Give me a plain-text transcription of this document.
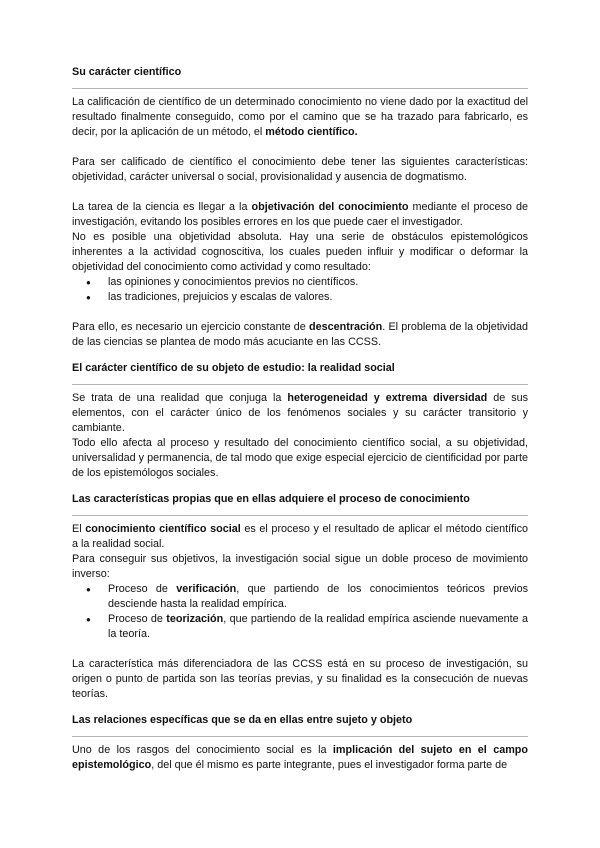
Su carácter científico

La calificación de científico de un determinado conocimiento no viene dado por la exactitud del resultado finalmente conseguido, como por el camino que se ha trazado para fabricarlo, es decir, por la aplicación de un método, el método científico.

Para ser calificado de científico el conocimiento debe tener las siguientes características: objetividad, carácter universal o social, provisionalidad y ausencia de dogmatismo.

La tarea de la ciencia es llegar a la objetivación del conocimiento mediante el proceso de investigación, evitando los posibles errores en los que puede caer el investigador.

No es posible una objetividad absoluta. Hay una serie de obstáculos epistemológicos inherentes a la actividad cognoscitiva, los cuales pueden influir y modificar o deformar la objetividad del conocimiento como actividad y como resultado:

● las opiniones y conocimientos previos no científicos.
● las tradiciones, prejuicios y escalas de valores.

Para ello, es necesario un ejercicio constante de descentración. El problema de la objetividad de las ciencias se plantea de modo más acuciante en las CCSS.

El carácter científico de su objeto de estudio: la realidad social

Se trata de una realidad que conjuga la heterogeneidad y extrema diversidad de sus elementos, con el carácter único de los fenómenos sociales y su carácter transitorio y cambiante.

Todo ello afecta al proceso y resultado del conocimiento científico social, a su objetividad, universalidad y permanencia, de tal modo que exige especial ejercicio de cientificidad por parte de los epistemólogos sociales.

Las características propias que en ellas adquiere el proceso de conocimiento

El conocimiento científico social es el proceso y el resultado de aplicar el método científico a la realidad social.

Para conseguir sus objetivos, la investigación social sigue un doble proceso de movimiento inverso:

● Proceso de verificación, que partiendo de los conocimientos teóricos previos desciende hasta la realidad empírica.
● Proceso de teorización, que partiendo de la realidad empírica asciende nuevamente a la teoría.

La característica más diferenciadora de las CCSS está en su proceso de investigación, su origen o punto de partida son las teorías previas, y su finalidad es la consecución de nuevas teorías.

Las relaciones específicas que se da en ellas entre sujeto y objeto

Uno de los rasgos del conocimiento social es la implicación del sujeto en el campo epistemológico, del que él mismo es parte integrante, pues el investigador forma parte de
